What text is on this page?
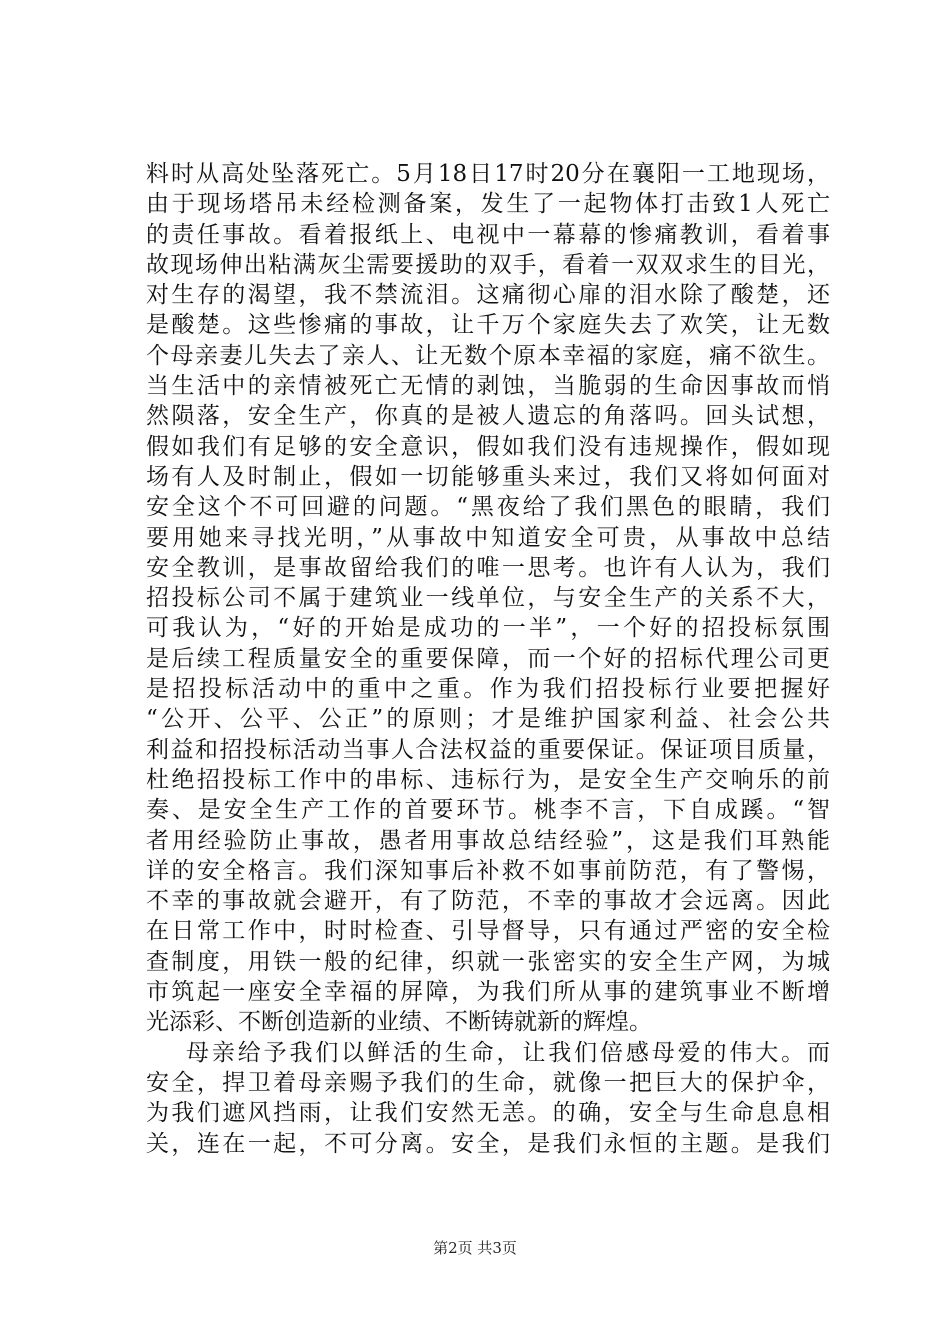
料时从高处坠落死亡。5月18日17时20分在襄阳一工地现场，
由于现场塔吊未经检测备案，发生了一起物体打击致1人死亡
的责任事故。看着报纸上、电视中一幕幕的惨痛教训，看着事
故现场伸出粘满灰尘需要援助的双手，看着一双双求生的目光，
对生存的渴望，我不禁流泪。这痛彻心扉的泪水除了酸楚，还
是酸楚。这些惨痛的事故，让千万个家庭失去了欢笑，让无数
个母亲妻儿失去了亲人、让无数个原本幸福的家庭，痛不欲生。
当生活中的亲情被死亡无情的剥蚀，当脆弱的生命因事故而悄
然陨落，安全生产，你真的是被人遗忘的角落吗。回头试想，
假如我们有足够的安全意识，假如我们没有违规操作，假如现
场有人及时制止，假如一切能够重头来过，我们又将如何面对
安全这个不可回避的问题。“黑夜给了我们黑色的眼睛，我们
要用她来寻找光明，”从事故中知道安全可贵，从事故中总结
安全教训，是事故留给我们的唯一思考。也许有人认为，我们
招投标公司不属于建筑业一线单位，与安全生产的关系不大，
可我认为，“好的开始是成功的一半”，一个好的招投标氛围
是后续工程质量安全的重要保障，而一个好的招标代理公司更
是招投标活动中的重中之重。作为我们招投标行业要把握好
“公开、公平、公正”的原则；才是维护国家利益、社会公共
利益和招投标活动当事人合法权益的重要保证。保证项目质量，
杜绝招投标工作中的串标、违标行为，是安全生产交响乐的前
奏、是安全生产工作的首要环节。桃李不言，下自成蹊。“智
者用经验防止事故，愚者用事故总结经验”，这是我们耳熟能
详的安全格言。我们深知事后补救不如事前防范，有了警惕，
不幸的事故就会避开，有了防范，不幸的事故才会远离。因此
在日常工作中，时时检查、引导督导，只有通过严密的安全检
查制度，用铁一般的纪律，织就一张密实的安全生产网，为城
市筑起一座安全幸福的屏障，为我们所从事的建筑事业不断增
光添彩、不断创造新的业绩、不断铸就新的辉煌。
母亲给予我们以鲜活的生命，让我们倍感母爱的伟大。而
安全，捍卫着母亲赐予我们的生命，就像一把巨大的保护伞，
为我们遮风挡雨，让我们安然无恙。的确，安全与生命息息相
关，连在一起，不可分离。安全，是我们永恒的主题。是我们
第2页 共3页
